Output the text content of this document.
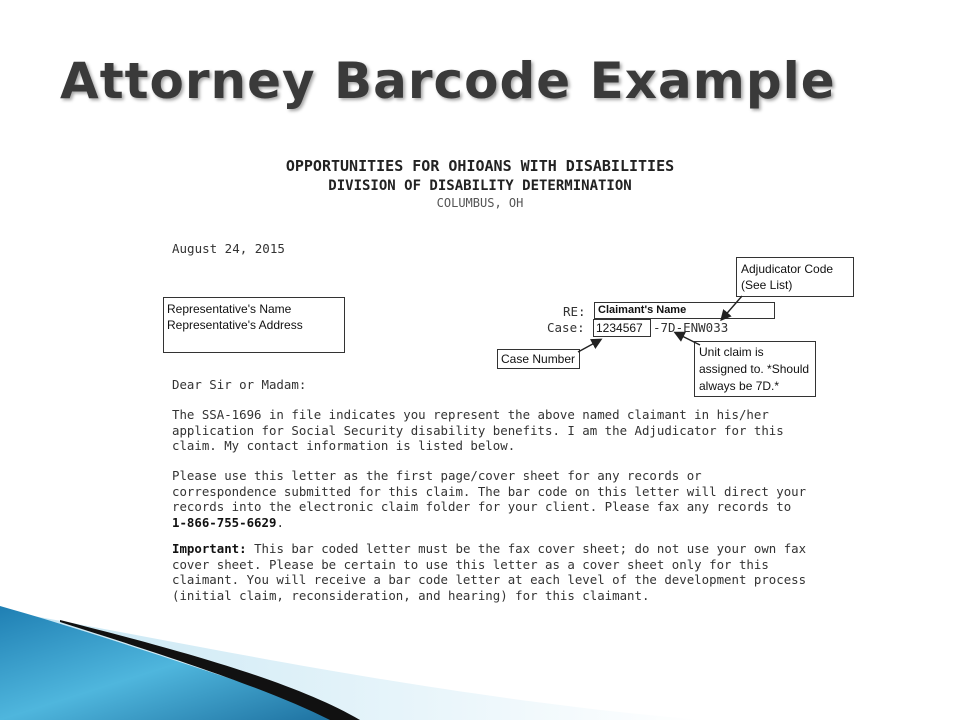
Attorney Barcode Example
OPPORTUNITIES FOR OHIOANS WITH DISABILITIES
DIVISION OF DISABILITY DETERMINATION
COLUMBUS, OH
August 24, 2015
Representative's Name
Representative's Address
Adjudicator Code
(See List)
RE:	Claimant's Name
Case: 1234567 -7D-ENW033
Case Number	Unit claim is
assigned to. *Should
always be 7D.*
Dear Sir or Madam:

The SSA-1696 in file indicates you represent the above named claimant in his/her application for Social Security disability benefits. I am the Adjudicator for this claim. My contact information is listed below.

Please use this letter as the first page/cover sheet for any records or correspondence submitted for this claim. The bar code on this letter will direct your records into the electronic claim folder for your client. Please fax any records to 1-866-755-6629.

Important: This bar coded letter must be the fax cover sheet; do not use your own fax cover sheet. Please be certain to use this letter as a cover sheet only for this claimant. You will receive a bar code letter at each level of the development process (initial claim, reconsideration, and hearing) for this claimant.
